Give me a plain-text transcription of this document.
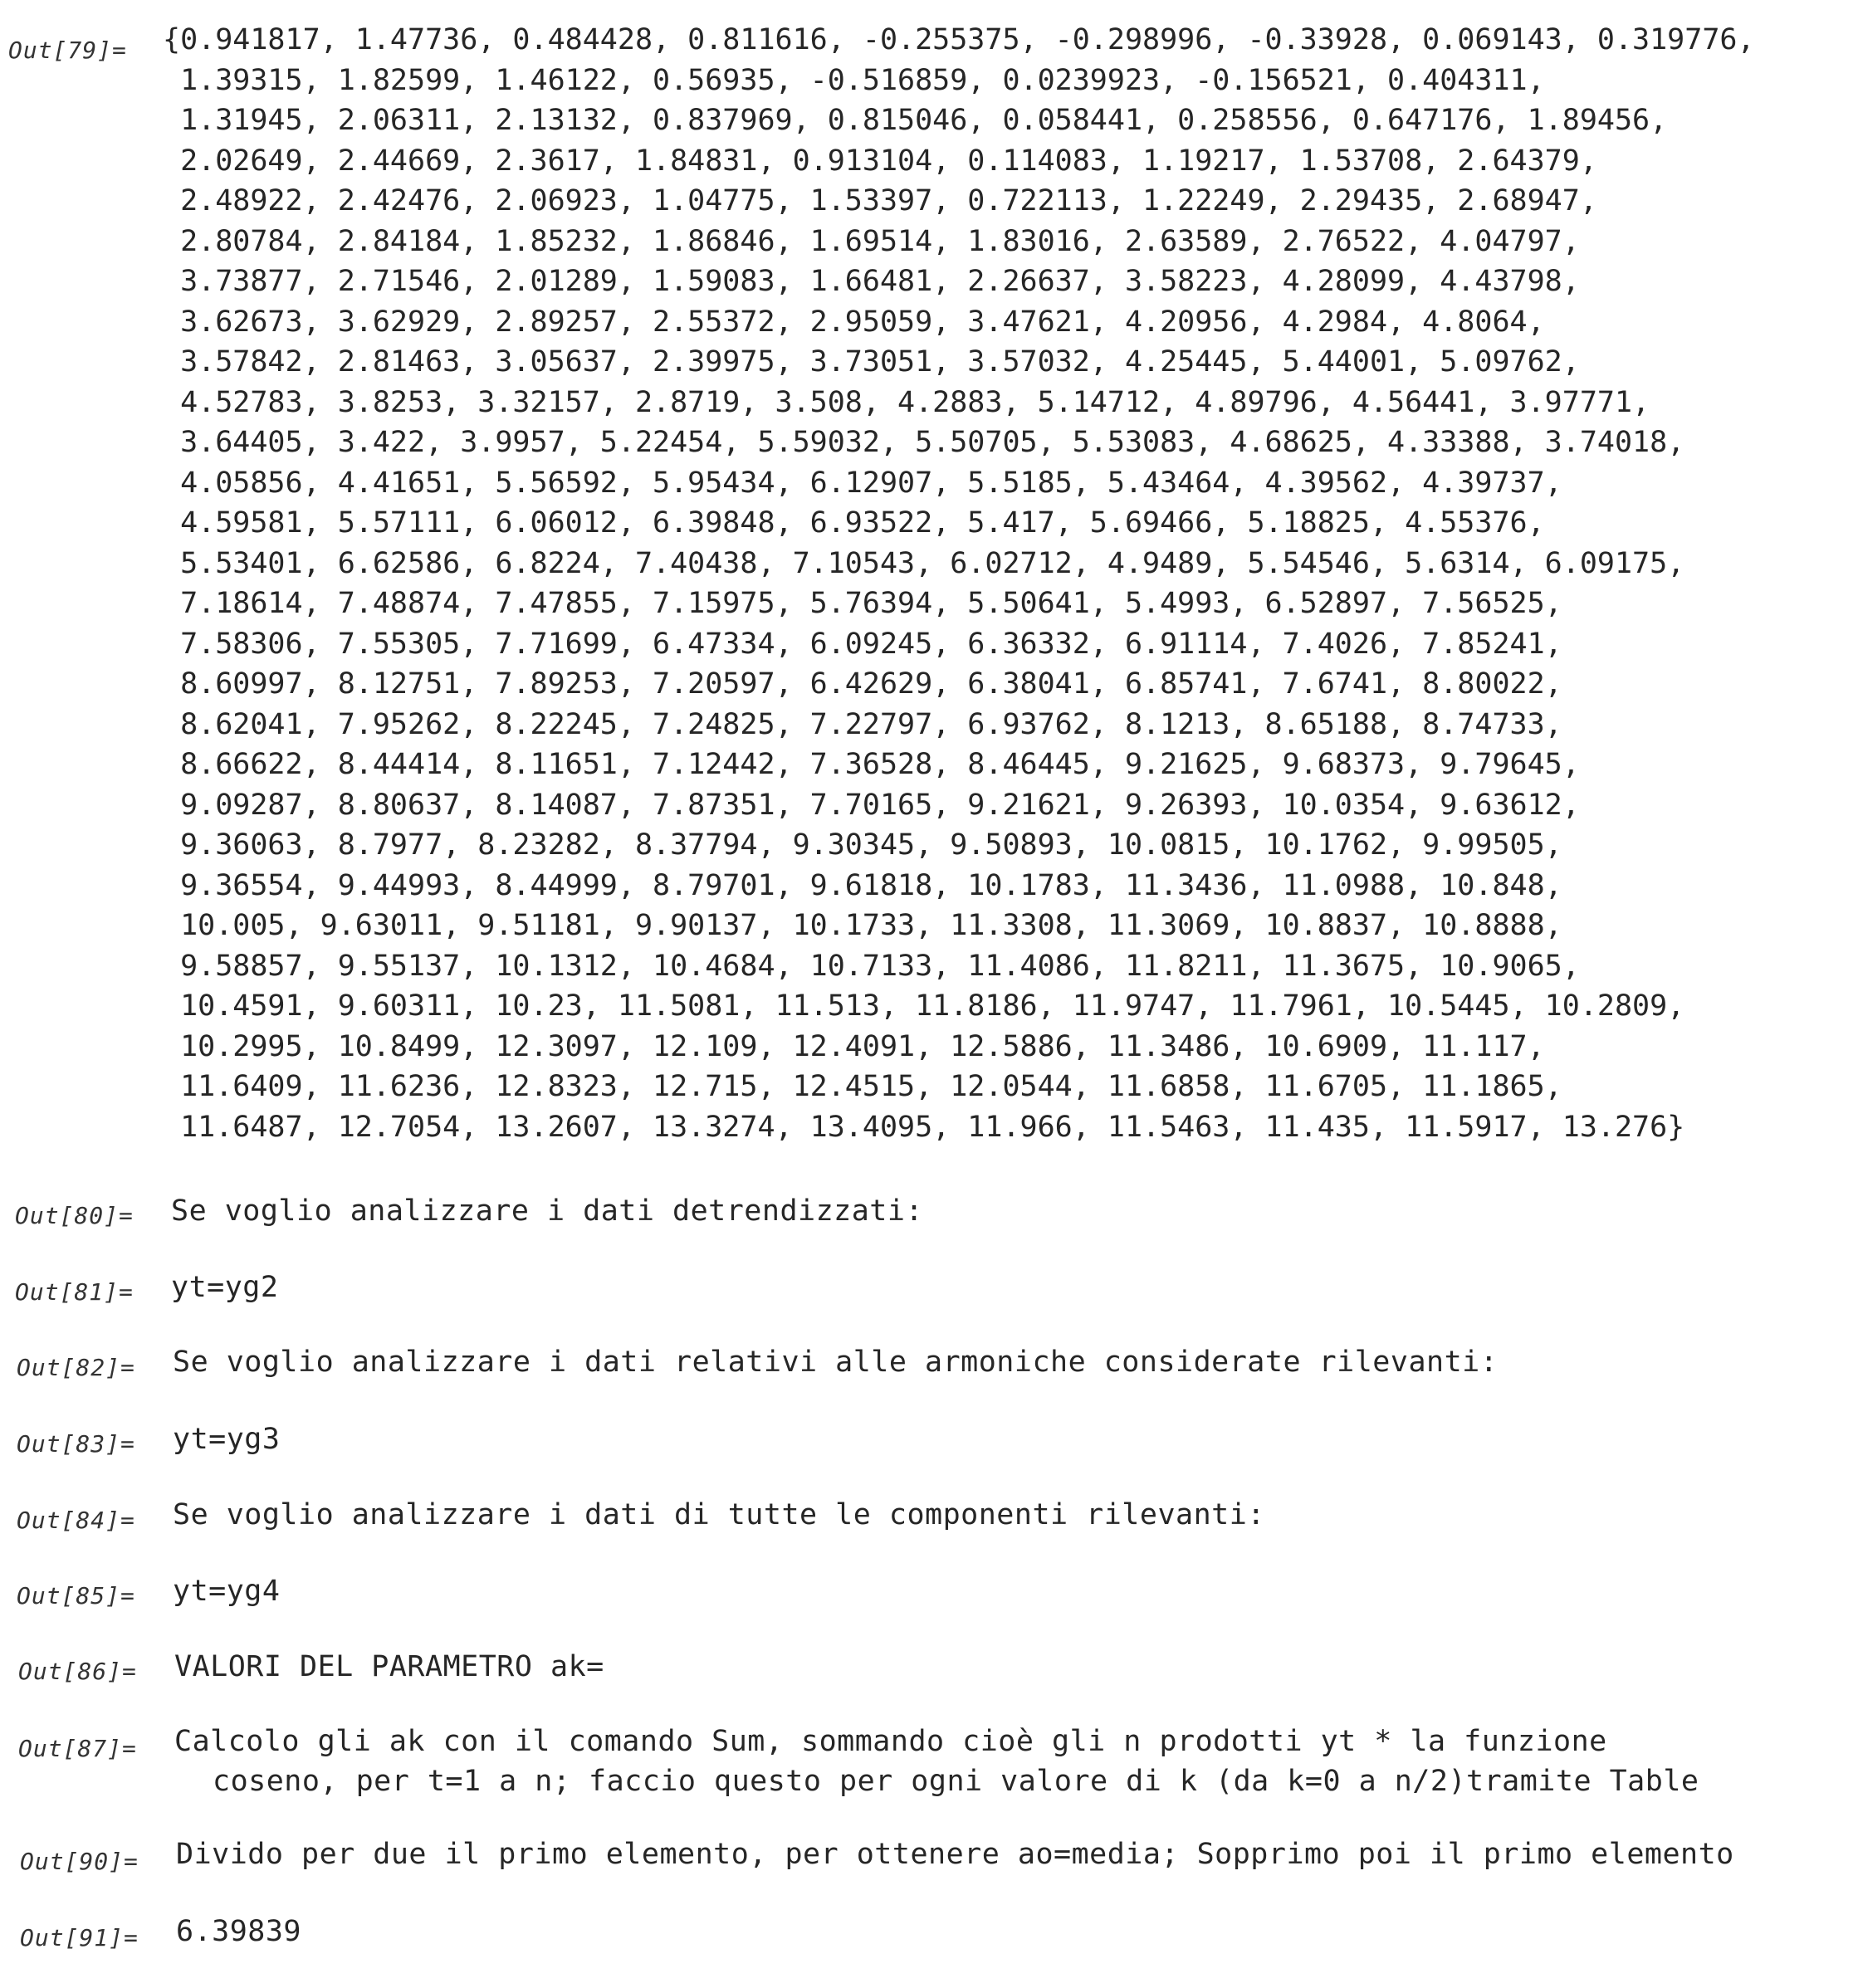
Out[79]= {0.941817, 1.47736, 0.484428, 0.811616, -0.255375, -0.298996, -0.33928, 0.069143, 0.319776,
1.39315, 1.82599, 1.46122, 0.56935, -0.516859, 0.0239923, -0.156521, 0.404311,
1.31945, 2.06311, 2.13132, 0.837969, 0.815046, 0.058441, 0.258556, 0.647176, 1.89456,
2.02649, 2.44669, 2.3617, 1.84831, 0.913104, 0.114083, 1.19217, 1.53708, 2.64379,
2.48922, 2.42476, 2.06923, 1.04775, 1.53397, 0.722113, 1.22249, 2.29435, 2.68947,
2.80784, 2.84184, 1.85232, 1.86846, 1.69514, 1.83016, 2.63589, 2.76522, 4.04797,
3.73877, 2.71546, 2.01289, 1.59083, 1.66481, 2.26637, 3.58223, 4.28099, 4.43798,
3.62673, 3.62929, 2.89257, 2.55372, 2.95059, 3.47621, 4.20956, 4.2984, 4.8064,
3.57842, 2.81463, 3.05637, 2.39975, 3.73051, 3.57032, 4.25445, 5.44001, 5.09762,
4.52783, 3.8253, 3.32157, 2.8719, 3.508, 4.2883, 5.14712, 4.89796, 4.56441, 3.97771,
3.64405, 3.422, 3.9957, 5.22454, 5.59032, 5.50705, 5.53083, 4.68625, 4.33388, 3.74018,
4.05856, 4.41651, 5.56592, 5.95434, 6.12907, 5.5185, 5.43464, 4.39562, 4.39737,
4.59581, 5.57111, 6.06012, 6.39848, 6.93522, 5.417, 5.69466, 5.18825, 4.55376,
5.53401, 6.62586, 6.8224, 7.40438, 7.10543, 6.02712, 4.9489, 5.54546, 5.6314, 6.09175,
7.18614, 7.48874, 7.47855, 7.15975, 5.76394, 5.50641, 5.4993, 6.52897, 7.56525,
7.58306, 7.55305, 7.71699, 6.47334, 6.09245, 6.36332, 6.91114, 7.4026, 7.85241,
8.60997, 8.12751, 7.89253, 7.20597, 6.42629, 6.38041, 6.85741, 7.6741, 8.80022,
8.62041, 7.95262, 8.22245, 7.24825, 7.22797, 6.93762, 8.1213, 8.65188, 8.74733,
8.66622, 8.44414, 8.11651, 7.12442, 7.36528, 8.46445, 9.21625, 9.68373, 9.79645,
9.09287, 8.80637, 8.14087, 7.87351, 7.70165, 9.21621, 9.26393, 10.0354, 9.63612,
9.36063, 8.7977, 8.23282, 8.37794, 9.30345, 9.50893, 10.0815, 10.1762, 9.99505,
9.36554, 9.44993, 8.44999, 8.79701, 9.61818, 10.1783, 11.3436, 11.0988, 10.848,
10.005, 9.63011, 9.51181, 9.90137, 10.1733, 11.3308, 11.3069, 10.8837, 10.8888,
9.58857, 9.55137, 10.1312, 10.4684, 10.7133, 11.4086, 11.8211, 11.3675, 10.9065,
10.4591, 9.60311, 10.23, 11.5081, 11.513, 11.8186, 11.9747, 11.7961, 10.5445, 10.2809,
10.2995, 10.8499, 12.3097, 12.109, 12.4091, 12.5886, 11.3486, 10.6909, 11.117,
11.6409, 11.6236, 12.8323, 12.715, 12.4515, 12.0544, 11.6858, 11.6705, 11.1865,
11.6487, 12.7054, 13.2607, 13.3274, 13.4095, 11.966, 11.5463, 11.435, 11.5917, 13.276}
Out[80]= Se voglio analizzare i dati detrendizzati:
Out[81]= yt=yg2
Out[82]= Se voglio analizzare i dati relativi alle armoniche considerate rilevanti:
Out[83]= yt=yg3
Out[84]= Se voglio analizzare i dati di tutte le componenti rilevanti:
Out[85]= yt=yg4
Out[86]= VALORI DEL PARAMETRO ak=
Out[87]= Calcolo gli ak con il comando Sum, sommando cioè gli n prodotti yt * la funzione
coseno, per t=1 a n; faccio questo per ogni valore di k (da k=0 a n/2)tramite Table
Out[90]= Divido per due il primo elemento, per ottenere ao=media; Sopprimo poi il primo elemento
Out[91]= 6.39839
